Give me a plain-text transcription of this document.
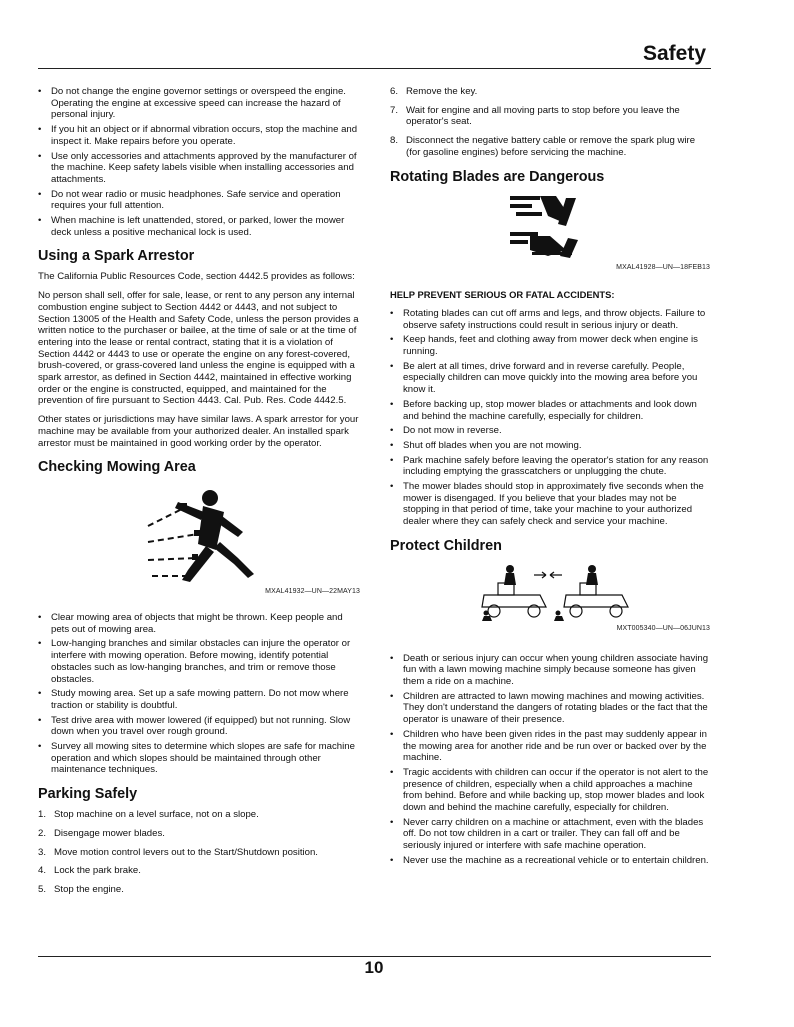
Safety
• Do not change the engine governor settings or overspeed the engine. Operating the engine at excessive speed can increase the hazard of personal injury.
• If you hit an object or if abnormal vibration occurs, stop the machine and inspect it. Make repairs before you operate.
• Use only accessories and attachments approved by the manufacturer of the machine. Keep safety labels visible when installing accessories and attachments.
• Do not wear radio or music headphones. Safe service and operation requires your full attention.
• When machine is left unattended, stored, or parked, lower the mower deck unless a positive mechanical lock is used.
Using a Spark Arrestor

The California Public Resources Code, section 4442.5 provides as follows:

No person shall sell, offer for sale, lease, or rent to any person any internal combustion engine subject to Section 4442 or 4443, and not subject to Section 13005 of the Health and Safety Code, unless the person provides a written notice to the purchaser or bailee, at the time of sale or at the time of entering into the lease or rental contract, stating that it is a violation of Section 4442 or 4443 to use or operate the engine on any forest-covered, brush-covered, or grass-covered land unless the engine is equipped with a spark arrestor, as defined in Section 4442, maintained in effective working order or the engine is constructed, equipped, and maintained for the prevention of fire pursuant to Section 4443. Cal. Pub. Res. Code 4442.5.

Other states or jurisdictions may have similar laws. A spark arrestor for your machine may be available from your authorized dealer. An installed spark arrestor must be maintained in good working order by the operator.

Checking Mowing Area
MXAL41932—UN—22MAY13
• Clear mowing area of objects that might be thrown. Keep people and pets out of mowing area.
• Low-hanging branches and similar obstacles can injure the operator or interfere with mowing operation. Before mowing, identify potential obstacles such as low-hanging branches, and trim or remove those obstacles.
• Study mowing area. Set up a safe mowing pattern. Do not mow where traction or stability is doubtful.
• Test drive area with mower lowered (if equipped) but not running. Slow down when you travel over rough ground.
• Survey all mowing sites to determine which slopes are safe for machine operation and which slopes should be maintained through other maintenance techniques.
Parking Safely
1. Stop machine on a level surface, not on a slope.
2. Disengage mower blades.
3. Move motion control levers out to the Start/Shutdown position.
4. Lock the park brake.
5. Stop the engine.
6. Remove the key.
7. Wait for engine and all moving parts to stop before you leave the operator's seat.
8. Disconnect the negative battery cable or remove the spark plug wire (for gasoline engines) before servicing the machine.
Rotating Blades are Dangerous
MXAL41928—UN—18FEB13
HELP PREVENT SERIOUS OR FATAL ACCIDENTS:
• Rotating blades can cut off arms and legs, and throw objects. Failure to observe safety instructions could result in serious injury or death.
• Keep hands, feet and clothing away from mower deck when engine is running.
• Be alert at all times, drive forward and in reverse carefully. People, especially children can move quickly into the mowing area before you know it.
• Before backing up, stop mower blades or attachments and look down and behind the machine carefully, especially for children.
• Do not mow in reverse.
• Shut off blades when you are not mowing.
• Park machine safely before leaving the operator's station for any reason including emptying the grasscatchers or unplugging the chute.
• The mower blades should stop in approximately five seconds when the mower is disengaged. If you believe that your blades may not be stopping in that period of time, take your machine to your authorized dealer where they can safely check and service your machine.
Protect Children
MXT005340—UN—06JUN13
• Death or serious injury can occur when young children associate having fun with a lawn mowing machine simply because someone has given them a ride on a machine.
• Children are attracted to lawn mowing machines and mowing activities. They don't understand the dangers of rotating blades or the fact that the operator is unaware of their presence.
• Children who have been given rides in the past may suddenly appear in the mowing area for another ride and be run over or backed over by the machine.
• Tragic accidents with children can occur if the operator is not alert to the presence of children, especially when a child approaches a machine from behind. Before and while backing up, stop mower blades and look down and behind the machine carefully, especially for children.
• Never carry children on a machine or attachment, even with the blades off. Do not tow children in a cart or trailer. They can fall off and be seriously injured or interfere with safe machine operation.
• Never use the machine as a recreational vehicle or to entertain children.
10
